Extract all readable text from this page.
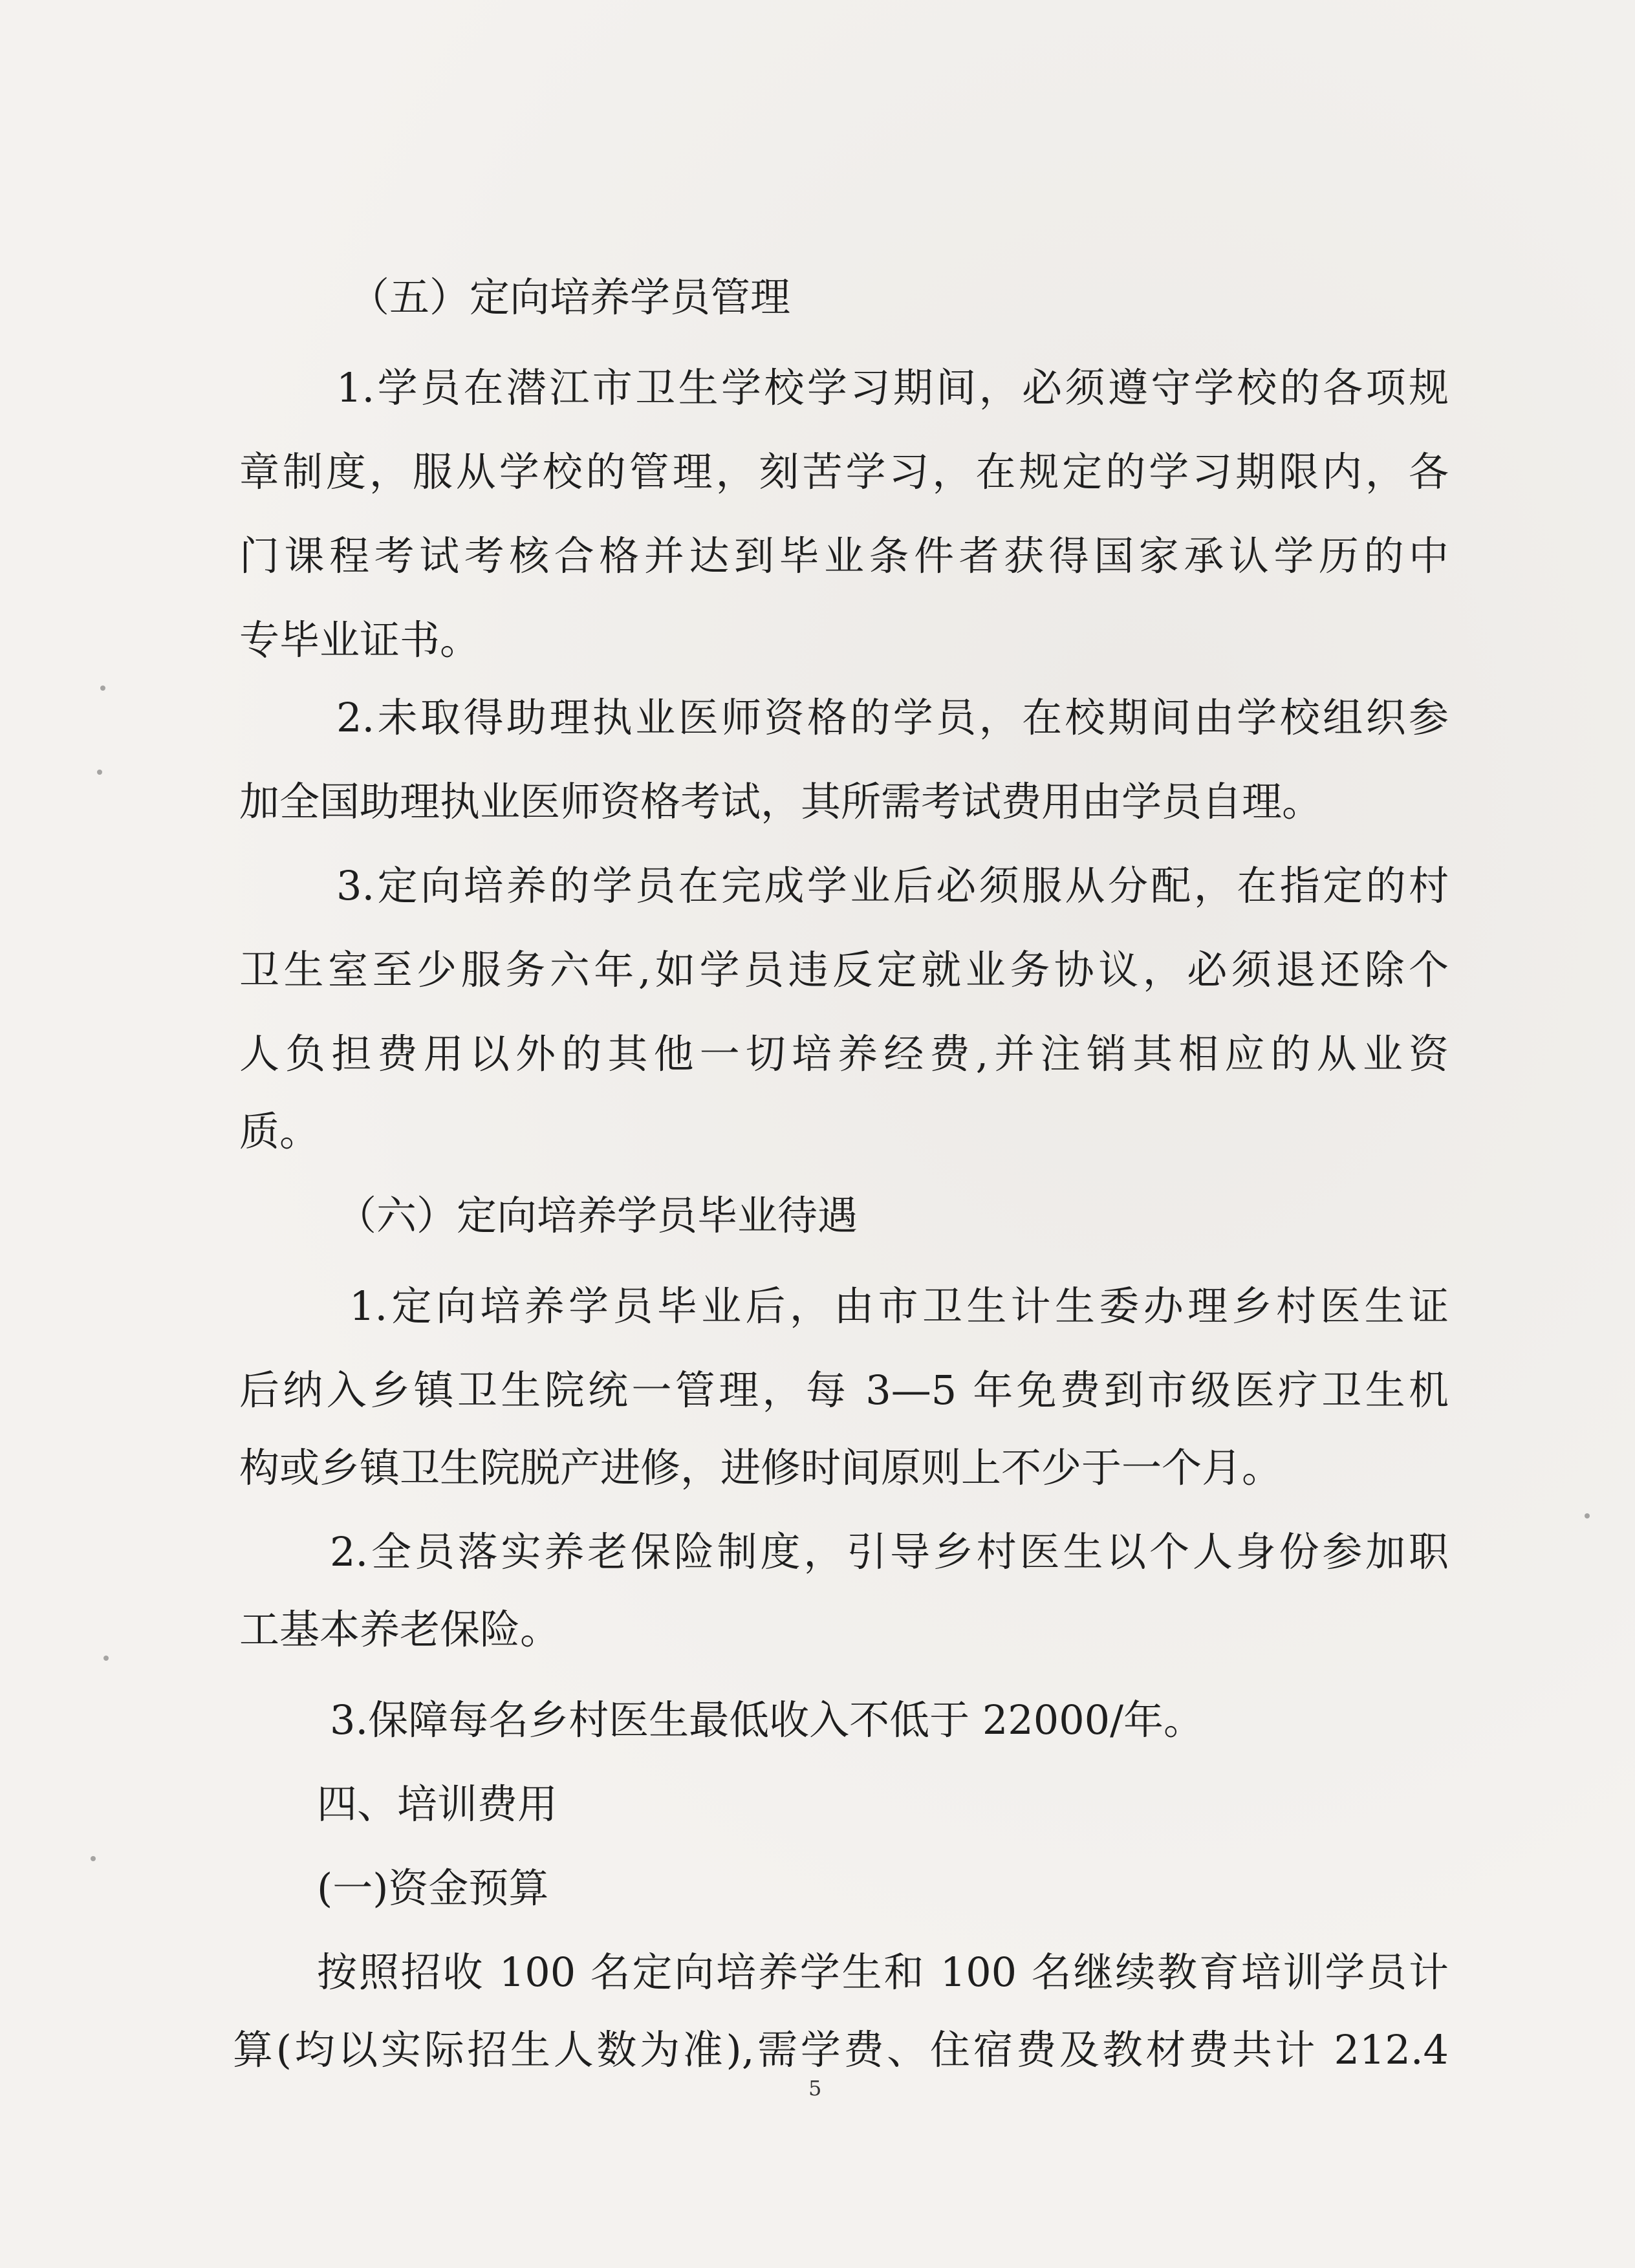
（五）定向培养学员管理
1.学员在潜江市卫生学校学习期间，必须遵守学校的各项规
章制度，服从学校的管理，刻苦学习，在规定的学习期限内，各
门课程考试考核合格并达到毕业条件者获得国家承认学历的中
专毕业证书。
2.未取得助理执业医师资格的学员，在校期间由学校组织参
加全国助理执业医师资格考试，其所需考试费用由学员自理。
3.定向培养的学员在完成学业后必须服从分配，在指定的村
卫生室至少服务六年,如学员违反定就业务协议，必须退还除个
人负担费用以外的其他一切培养经费,并注销其相应的从业资
质。
（六）定向培养学员毕业待遇
1.定向培养学员毕业后，由市卫生计生委办理乡村医生证
后纳入乡镇卫生院统一管理，每 3—5 年免费到市级医疗卫生机
构或乡镇卫生院脱产进修，进修时间原则上不少于一个月。
2.全员落实养老保险制度，引导乡村医生以个人身份参加职
工基本养老保险。
3.保障每名乡村医生最低收入不低于 22000/年。
四、培训费用
(一)资金预算
按照招收 100 名定向培养学生和 100 名继续教育培训学员计
算(均以实际招生人数为准),需学费、住宿费及教材费共计 212.4
5
